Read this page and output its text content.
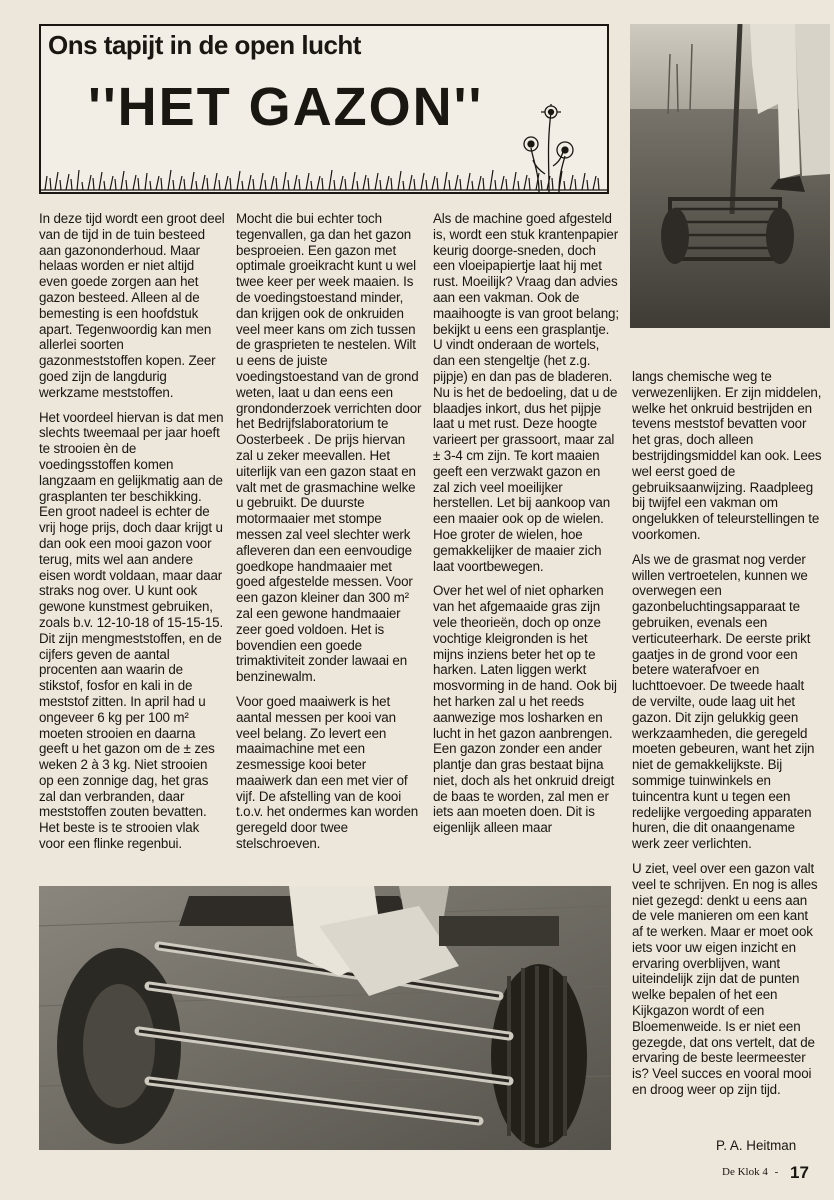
Ons tapijt in de open lucht
''HET GAZON''

In deze tijd wordt een groot deel van de tijd in de tuin besteed aan gazononderhoud. Maar helaas worden er niet altijd even goede zorgen aan het gazon besteed. Alleen al de bemesting is een hoofdstuk apart. Tegenwoordig kan men allerlei soorten gazonmeststoffen kopen. Zeer goed zijn de langdurig werkzame meststoffen.

Het voordeel hiervan is dat men slechts tweemaal per jaar hoeft te strooien èn de voedingsstoffen komen langzaam en gelijkmatig aan de grasplanten ter beschikking. Een groot nadeel is echter de vrij hoge prijs, doch daar krijgt u dan ook een mooi gazon voor terug, mits wel aan andere eisen wordt voldaan, maar daar straks nog over. U kunt ook gewone kunstmest gebruiken, zoals b.v. 12-10-18 of 15-15-15. Dit zijn mengmeststoffen, en de cijfers geven de aantal procenten aan waarin de stikstof, fosfor en kali in de meststof zitten. In april had u ongeveer 6 kg per 100 m² moeten strooien en daarna geeft u het gazon om de ± zes weken 2 à 3 kg. Niet strooien op een zonnige dag, het gras zal dan verbranden, daar meststoffen zouten bevatten. Het beste is te strooien vlak voor een flinke regenbui.

Mocht die bui echter toch tegenvallen, ga dan het gazon besproeien. Een gazon met optimale groeikracht kunt u wel twee keer per week maaien. Is de voedingstoestand minder, dan krijgen ook de onkruiden veel meer kans om zich tussen de grasprieten te nestelen. Wilt u eens de juiste voedingstoestand van de grond weten, laat u dan eens een grondonderzoek verrichten door het Bedrijfslaboratorium te Oosterbeek . De prijs hiervan zal u zeker meevallen. Het uiterlijk van een gazon staat en valt met de grasmachine welke u gebruikt. De duurste motormaaier met stompe messen zal veel slechter werk afleveren dan een eenvoudige goedkope handmaaier met goed afgestelde messen. Voor een gazon kleiner dan 300 m² zal een gewone handmaaier zeer goed voldoen. Het is bovendien een goede trimaktiviteit zonder lawaai en benzinewalm.

Voor goed maaiwerk is het aantal messen per kooi van veel belang. Zo levert een maaimachine met een zesmessige kooi beter maaiwerk dan een met vier of vijf. De afstelling van de kooi t.o.v. het ondermes kan worden geregeld door twee stelschroeven.

Als de machine goed afgesteld is, wordt een stuk krantenpapier keurig doorge-sneden, doch een vloeipapiertje laat hij met rust. Moeilijk? Vraag dan advies aan een vakman. Ook de maaihoogte is van groot belang; bekijkt u eens een grasplantje. U vindt onderaan de wortels, dan een stengeltje (het z.g. pijpje) en dan pas de bladeren. Nu is het de bedoeling, dat u de blaadjes inkort, dus het pijpje laat u met rust. Deze hoogte varieert per grassoort, maar zal ± 3-4 cm zijn. Te kort maaien geeft een verzwakt gazon en zal zich veel moeilijker herstellen. Let bij aankoop van een maaier ook op de wielen. Hoe groter de wielen, hoe gemakkelijker de maaier zich laat voortbewegen.

Over het wel of niet opharken van het afgemaaide gras zijn vele theorieën, doch op onze vochtige kleigronden is het mijns inziens beter het op te harken. Laten liggen werkt mosvorming in de hand. Ook bij het harken zal u het reeds aanwezige mos losharken en lucht in het gazon aanbrengen. Een gazon zonder een ander plantje dan gras bestaat bijna niet, doch als het onkruid dreigt de baas te worden, zal men er iets aan moeten doen. Dit is eigenlijk alleen maar

langs chemische weg te verwezenlijken. Er zijn middelen, welke het onkruid bestrijden en tevens meststof bevatten voor het gras, doch alleen bestrijdingsmiddel kan ook. Lees wel eerst goed de gebruiksaanwijzing. Raadpleeg bij twijfel een vakman om ongelukken of teleurstellingen te voorkomen.

Als we de grasmat nog verder willen vertroetelen, kunnen we overwegen een gazonbeluchtingsapparaat te gebruiken, evenals een verticuteerhark. De eerste prikt gaatjes in de grond voor een betere waterafvoer en luchttoevoer. De tweede haalt de vervilte, oude laag uit het gazon. Dit zijn gelukkig geen werkzaamheden, die geregeld moeten gebeuren, want het zijn niet de gemakkelijkste. Bij sommige tuinwinkels en tuincentra kunt u tegen een redelijke vergoeding apparaten huren, die dit onaangename werk zeer verlichten.

U ziet, veel over een gazon valt veel te schrijven. En nog is alles niet gezegd: denkt u eens aan de vele manieren om een kant af te werken. Maar er moet ook iets voor uw eigen inzicht en ervaring overblijven, want uiteindelijk zijn dat de punten welke bepalen of het een Kijkgazon wordt of een Bloemenweide. Is er niet een gezegde, dat ons vertelt, dat de ervaring de beste leermeester is? Veel succes en vooral mooi en droog weer op zijn tijd.

P. A. Heitman
De Klok 4 - 17
